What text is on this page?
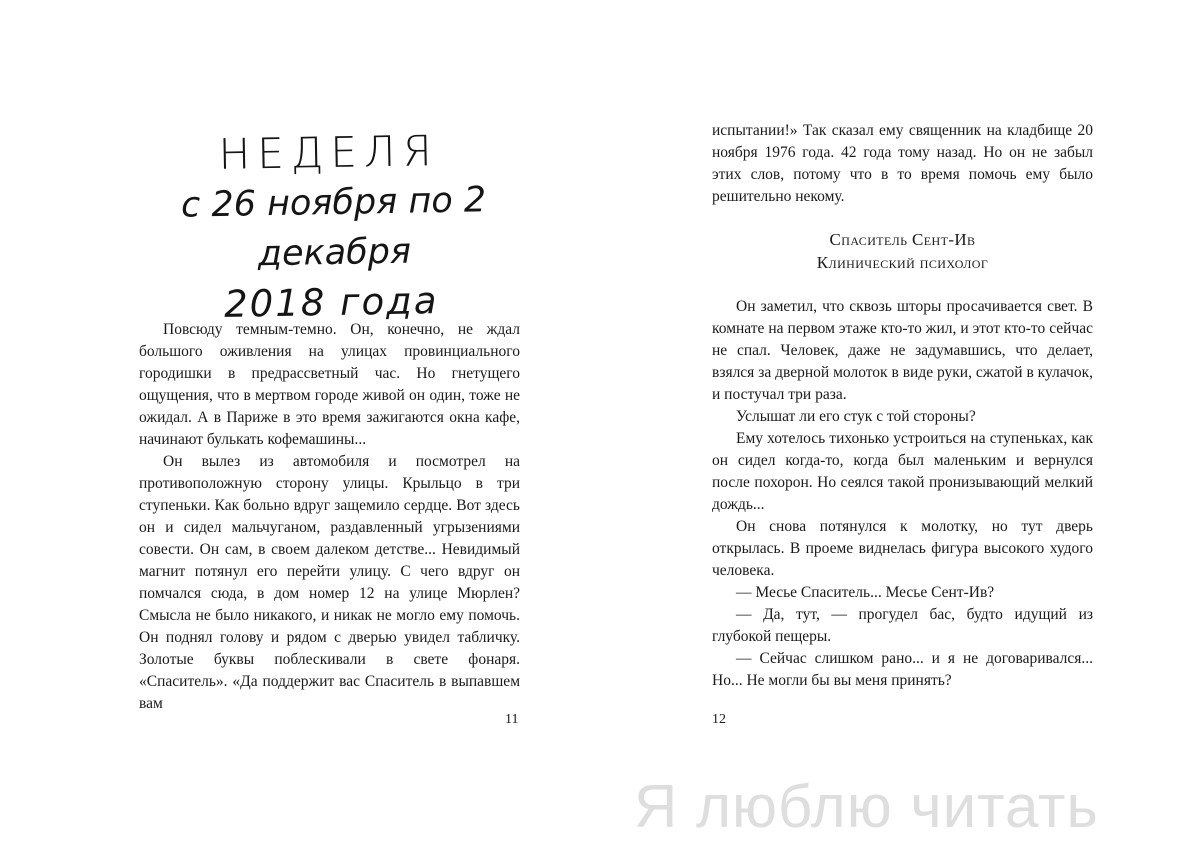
НЕДЕЛЯ
с 26 ноября по 2 декабря
2018 года

Повсюду темным-темно. Он, конечно, не ждал большого оживления на улицах провинциального городишки в предрассветный час. Но гнетущего ощущения, что в мертвом городе живой он один, тоже не ожидал. А в Париже в это время зажигаются окна кафе, начинают булькать кофемашины...

Он вылез из автомобиля и посмотрел на противоположную сторону улицы. Крыльцо в три ступеньки. Как больно вдруг защемило сердце. Вот здесь он и сидел мальчуганом, раздавленный угрызениями совести. Он сам, в своем далеком детстве... Невидимый магнит потянул его перейти улицу. С чего вдруг он помчался сюда, в дом номер 12 на улице Мюрлен? Смысла не было никакого, и никак не могло ему помочь. Он поднял голову и рядом с дверью увидел табличку. Золотые буквы поблескивали в свете фонаря. «Спаситель». «Да поддержит вас Спаситель в выпавшем вам

11

испытании!» Так сказал ему священник на кладбище 20 ноября 1976 года. 42 года тому назад. Но он не забыл этих слов, потому что в то время помочь ему было решительно некому.

Спаситель Сент-Ив
Клинический психолог

Он заметил, что сквозь шторы просачивается свет. В комнате на первом этаже кто-то жил, и этот кто-то сейчас не спал. Человек, даже не задумавшись, что делает, взялся за дверной молоток в виде руки, сжатой в кулачок, и постучал три раза.

Услышат ли его стук с той стороны?

Ему хотелось тихонько устроиться на ступеньках, как он сидел когда-то, когда был маленьким и вернулся после похорон. Но сеялся такой пронизывающий мелкий дождь...

Он снова потянулся к молотку, но тут дверь открылась. В проеме виднелась фигура высокого худого человека.

— Месье Спаситель... Месье Сент-Ив?

— Да, тут, — прогудел бас, будто идущий из глубокой пещеры.

— Сейчас слишком рано... и я не договаривался... Но... Не могли бы вы меня принять?

12
Я люблю читать
